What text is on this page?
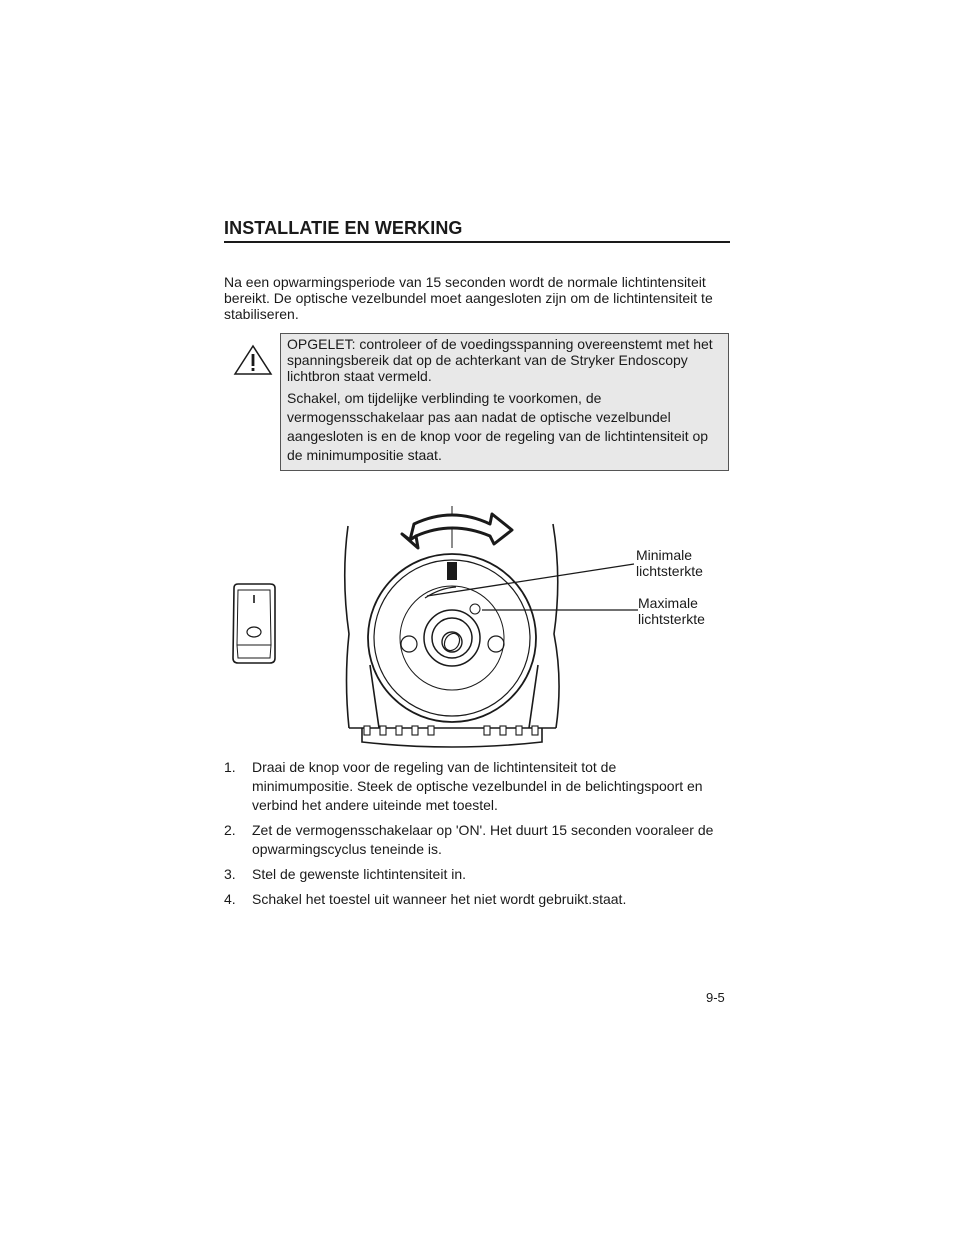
INSTALLATIE EN WERKING

Na een opwarmingsperiode van 15 seconden wordt de normale lichtintensiteit bereikt. De optische vezelbundel moet aangesloten zijn om de lichtintensiteit te stabiliseren.

OPGELET: controleer of de voedingsspanning overeenstemt met het spanningsbereik dat op de achterkant van de Stryker Endoscopy lichtbron staat vermeld.

Schakel, om tijdelijke verblinding te voorkomen, de vermogensschakelaar pas aan nadat de optische vezelbundel aangesloten is en de knop voor de regeling van de lichtintensiteit op de minimumpositie staat.

Minimale
lichtsterkte
Maximale
lichtsterkte
1. Draai de knop voor de regeling van de lichtintensiteit tot de minimumpositie. Steek de optische vezelbundel in de belichtingspoort en verbind het andere uiteinde met toestel.
2. Zet de vermogensschakelaar op 'ON'. Het duurt 15 seconden vooraleer de opwarmingscyclus teneinde is.
3. Stel de gewenste lichtintensiteit in.
4. Schakel het toestel uit wanneer het niet wordt gebruikt.staat.
9-5
